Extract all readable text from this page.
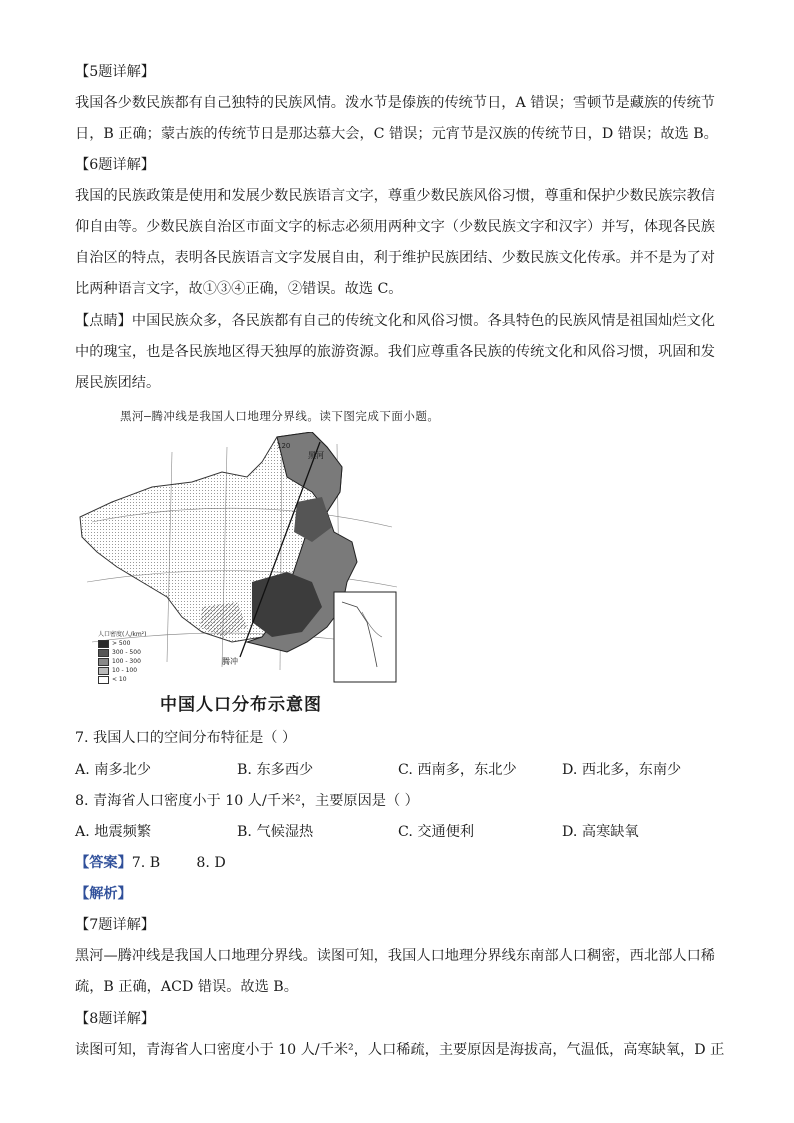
【5题详解】
我国各少数民族都有自己独特的民族风情。泼水节是傣族的传统节日，A 错误；雪顿节是藏族的传统节
日，B 正确；蒙古族的传统节日是那达慕大会，C 错误；元宵节是汉族的传统节日，D 错误；故选 B。
【6题详解】
我国的民族政策是使用和发展少数民族语言文字，尊重少数民族风俗习惯，尊重和保护少数民族宗教信
仰自由等。少数民族自治区市面文字的标志必须用两种文字（少数民族文字和汉字）并写，体现各民族
自治区的特点，表明各民族语言文字发展自由，利于维护民族团结、少数民族文化传承。并不是为了对
比两种语言文字，故①③④正确，②错误。故选 C。
【点睛】中国民族众多，各民族都有自己的传统文化和风俗习惯。各具特色的民族风情是祖国灿烂文化
中的瑰宝，也是各民族地区得天独厚的旅游资源。我们应尊重各民族的传统文化和风俗习惯，巩固和发
展民族团结。
黑河—腾冲线是我国人口地理分界线。读下图完成下面小题。
120
黑河
腾冲
人口密度(人/km²)
> 500
300 - 500
100 - 300
10 - 100
< 10
中国人口分布示意图
7. 我国人口的空间分布特征是（ ）
A. 南多北少	B. 东多西少	C. 西南多，东北少	D. 西北多，东南少
8. 青海省人口密度小于 10 人/千米²，主要原因是（ ）
A. 地震频繁	B. 气候湿热	C. 交通便利	D. 高寒缺氧
【答案】7. B        8. D
【解析】
【7题详解】
黑河—腾冲线是我国人口地理分界线。读图可知，我国人口地理分界线东南部人口稠密，西北部人口稀
疏，B 正确，ACD 错误。故选 B。
【8题详解】
读图可知，青海省人口密度小于 10 人/千米²，人口稀疏，主要原因是海拔高，气温低，高寒缺氧，D 正
